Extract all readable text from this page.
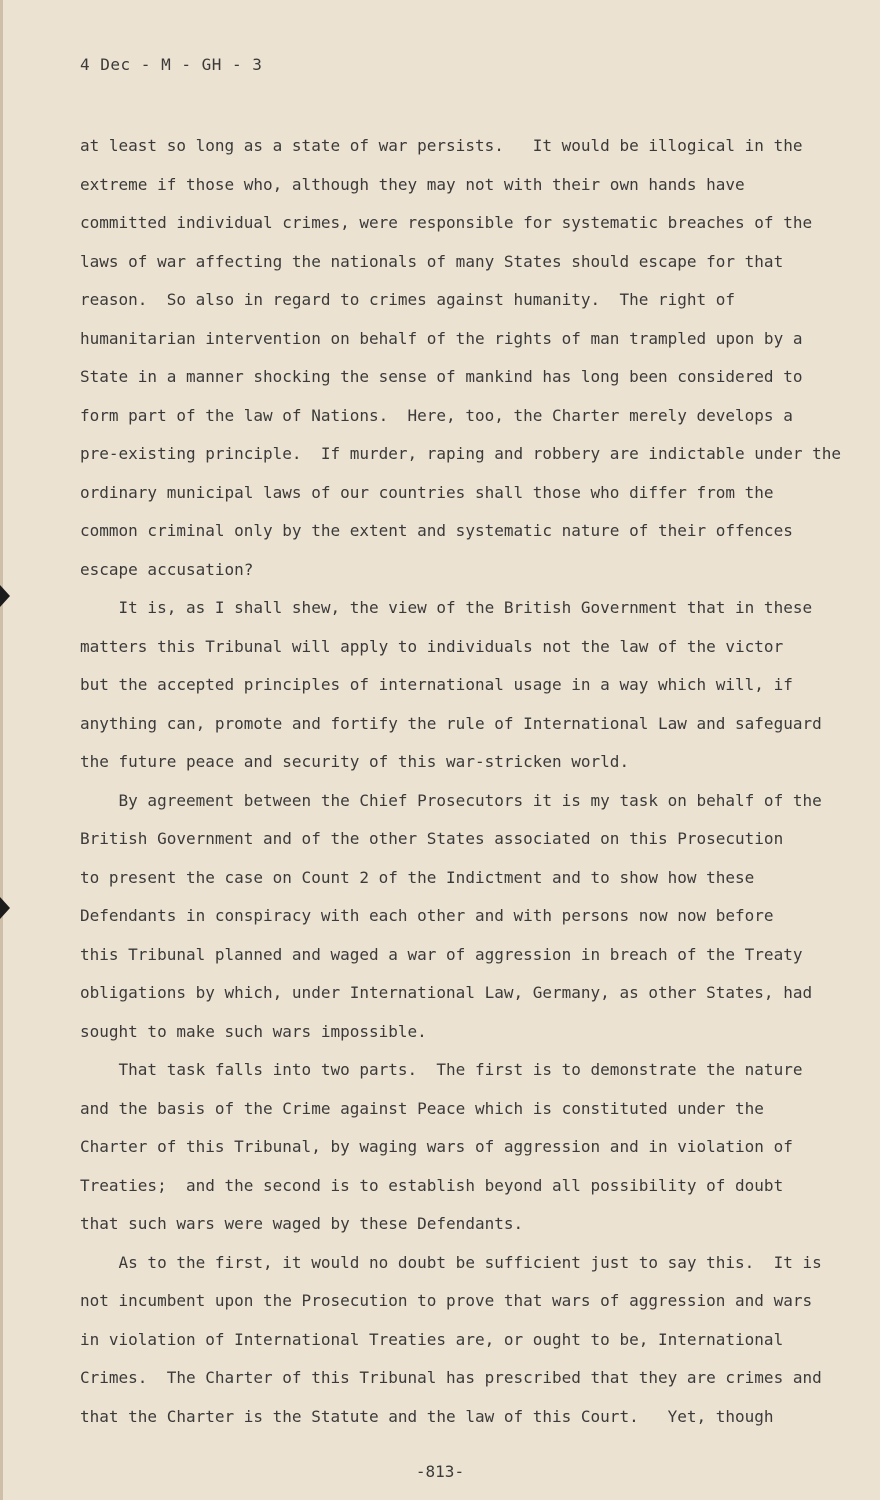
4 Dec - M - GH - 3
at least so long as a state of war persists.   It would be illogical in the
extreme if those who, although they may not with their own hands have
committed individual crimes, were responsible for systematic breaches of the
laws of war affecting the nationals of many States should escape for that
reason.  So also in regard to crimes against humanity.  The right of
humanitarian intervention on behalf of the rights of man trampled upon by a
State in a manner shocking the sense of mankind has long been considered to
form part of the law of Nations.  Here, too, the Charter merely develops a
pre-existing principle.  If murder, raping and robbery are indictable under the
ordinary municipal laws of our countries shall those who differ from the
common criminal only by the extent and systematic nature of their offences
escape accusation?
It is, as I shall shew, the view of the British Government that in these
matters this Tribunal will apply to individuals not the law of the victor
but the accepted principles of international usage in a way which will, if
anything can, promote and fortify the rule of International Law and safeguard
the future peace and security of this war-stricken world.
By agreement between the Chief Prosecutors it is my task on behalf of the
British Government and of the other States associated on this Prosecution
to present the case on Count 2 of the Indictment and to show how these
Defendants in conspiracy with each other and with persons now now before
this Tribunal planned and waged a war of aggression in breach of the Treaty
obligations by which, under International Law, Germany, as other States, had
sought to make such wars impossible.
That task falls into two parts.  The first is to demonstrate the nature
and the basis of the Crime against Peace which is constituted under the
Charter of this Tribunal, by waging wars of aggression and in violation of
Treaties;  and the second is to establish beyond all possibility of doubt
that such wars were waged by these Defendants.
As to the first, it would no doubt be sufficient just to say this.  It is
not incumbent upon the Prosecution to prove that wars of aggression and wars
in violation of International Treaties are, or ought to be, International
Crimes.  The Charter of this Tribunal has prescribed that they are crimes and
that the Charter is the Statute and the law of this Court.   Yet, though
-813-
